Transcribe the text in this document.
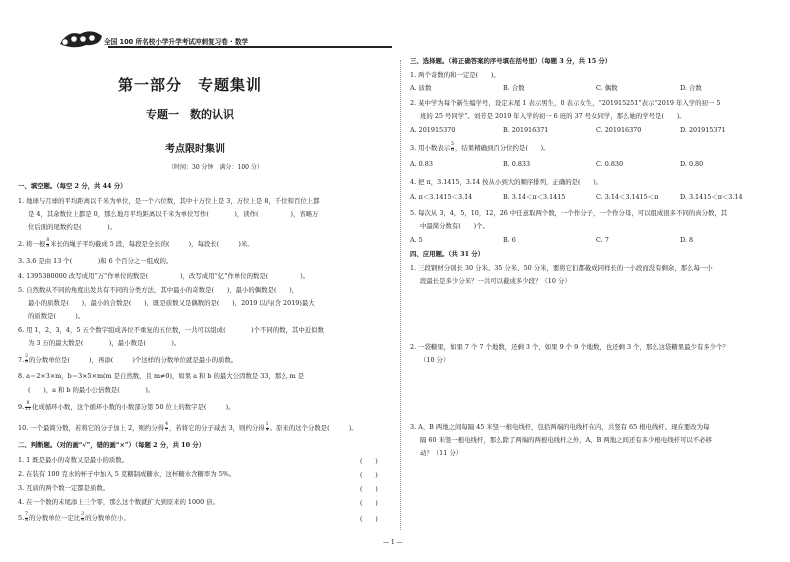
全国 100 所名校小学升学考试冲刺复习卷 · 数学
第一部分　专题集训
专题一　数的认识
考点限时集训
（时间：30 分钟　满分：100 分）
一、填空题。（每空 2 分，共 44 分）
1. 地球与月球的平均距离以千米为单位，是一个六位数，其中十万位上是 3，万位上是 8，千位和百位上都
是 4，其余数位上都是 0，那么地月平均距离以千米为单位写作(　　　　)，读作(　　　　　)，省略万
位后面的尾数约是(　　　　)。
2. 将一根 $\frac{8}{9}$ 米长的绳子平均截成 5 段，每段是全长的(　　　)，每段长(　　　)米。
3. 3.6 是由 13 个(　　　　)和 6 个百分之一组成的。
4. 1395380000 改写成用“万”作单位的数是(　　　　　)，改写成用“亿”作单位的数是(　　　　　)。
5. 自然数从不同的角度出发共有不同的分类方法，其中最小的奇数是(　　)，最小的偶数是(　　)，
最小的质数是(　　)，最小的合数是(　　)，既是质数又是偶数的是(　　)，2019 以内(含 2019)最大
的质数是(　　　)。
6. 用 1，2，3，4，5 五个数字组成各位不重复的五位数，一共可以组成(　　　　)个不同的数，其中近似数
为 3 万的最大数是(　　　　)，最小数是(　　　　)。
7. $\frac{2}{9}$ 的分数单位是(　　　)，再添(　　　)个这样的分数单位就是最小的质数。
8. a＝2×3×m，b＝3×5×m(m 是自然数，且 m≠0)，如果 a 和 b 的最大公因数是 33，那么 m 是
(　　)，a 和 b 的最小公倍数是(　　　　)。
9. $\frac{8}{11}$ 化成循环小数，这个循环小数的小数部分第 50 位上的数字是(　　　)。
10. 一个最简分数，若将它的分子加上 2，则约分得 $\frac{4}{7}$ ，若将它的分子减去 3，则约分得 $\frac{1}{4}$ 。原来的这个分数是(　　　)。
二、判断题。（对的画“√”，错的画“×”）（每题 2 分，共 10 分）
1. 1 既是最小的奇数又是最小的质数。	(　　)
2. 在装有 100 克水的杯子中加入 5 克糖制成糖水，这杯糖水含糖率为 5%。	(　　)
3. 互质的两个数一定都是质数。	(　　)
4. 在一个数的末尾添上三个零，那么这个数就扩大到原来的 1000 倍。	(　　)
5. $\frac{7}{8}$ 的分数单位一定比 $\frac{3}{4}$ 的分数单位小。	(　　)
三、选择题。（将正确答案的序号填在括号里）（每题 3 分，共 15 分）
1. 两个奇数的和一定是(　　)。
A. 质数	B. 合数	C. 偶数	D. 合数
2. 某中学为每个新生编学号，设定末尾 1 表示男生，0 表示女生，“201915251”表示“2019 年入学的初一 5
班的 25 号同学”。刘芳是 2019 年入学的初一 6 班的 37 号女同学，那么她的学号是(　　)。
A. 201915370	B. 201916371	C. 201916370	D. 201915371
3. 用小数表示 $\frac{5}{6}$ ，结果精确到百分位约是(　　)。
A. 0.83	B. 0.833	C. 0.830	D. 0.80
4. 把 π，3.1415，3.1̇4̇ 按从小到大的顺序排列，正确的是(　　)。
A. π＜3.1415＜3.1̇4̇	B. 3.1̇4̇＜π＜3.1415	C. 3.1̇4̇＜3.1415＜π	D. 3.1415＜π＜3.1̇4̇
5. 每次从 3，4，5，10，12，26 中任意取两个数，一个作分子，一个作分母，可以组成很多不同的真分数，其
中最简分数有(　　)个。
A. 5	B. 6	C. 7	D. 8
四、应用题。（共 31 分）
1. 三段钢材分别长 30 分米、35 分米、50 分米，要将它们都截成同样长的一小段而没有剩余，那么每一小
段最长是多少分米？一共可以截成多少段？（10 分）
2. 一袋糖果，如果 7 个 7 个地数，还剩 3 个，如果 9 个 9 个地数，也还剩 3 个，那么这袋糖果最少有多少个？
（10 分）
3. A、B 两地之间每隔 45 米竖一根电线杆，包括两端的电线杆在内，共竖有 65 根电线杆。现在要改为每
隔 60 米竖一根电线杆，那么除了两端的两根电线杆之外，A、B 两地之间还有多少根电线杆可以不必移
动？（11 分）
— 1 —
